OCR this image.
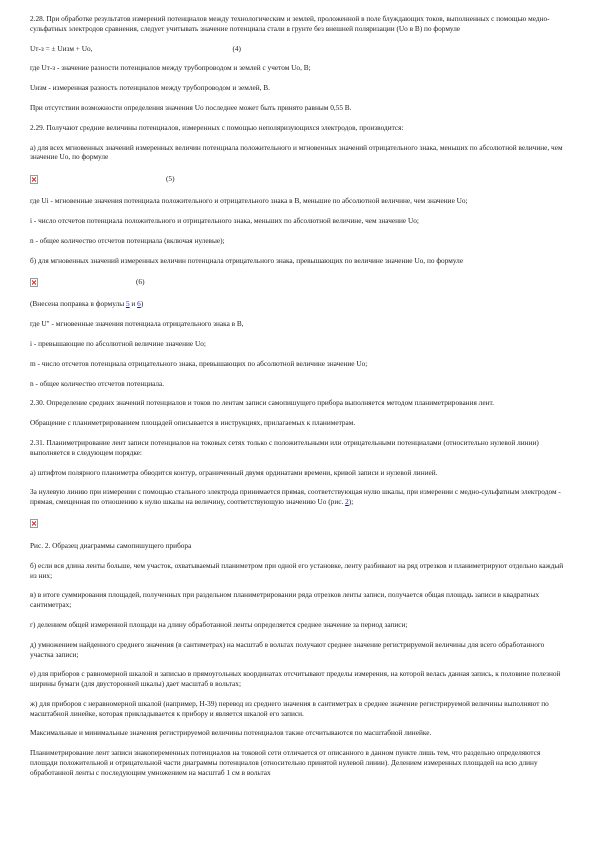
2.28. При обработке результатов измерений потенциалов между технологическим и землей, проложенной в поле блуждающих токов, выполненных с помощью медно-сульфатных электродов сравнения, следует учитывать значение потенциала стали в грунте без внешней поляризации (Uo в В) по формуле

Uт-з = ± Uизм + Uo,	(4)

где Uт-з - значение разности потенциалов между трубопроводом и землей с учетом Uo, В;

Uизм - измеренная разность потенциалов между трубопроводом и землей, В.

При отсутствии возможности определения значения Uo последнее может быть принято равным 0,55 В.

2.29. Получают средние величины потенциалов, измеренных с помощью неполяризующихся электродов, производится:

а) для всех мгновенных значений измеренных величин потенциала положительного и мгновенных значений отрицательного знака, меньших по абсолютной величине, чем значение Uo, по формуле

(5)

где Ui - мгновенные значения потенциала положительного и отрицательного знака в В, меньшие по абсолютной величине, чем значение Uo;

i - число отсчетов потенциала положительного и отрицательного знака, меньших по абсолютной величине, чем значение Uo;

n - общее количество отсчетов потенциала (включая нулевые);

б) для мгновенных значений измеренных величин потенциала отрицательного знака, превышающих по величине значение Uo, по формуле

(6)

(Внесена поправка в формулы 5 и 6)

где U" - мгновенные значения потенциала отрицательного знака в В,

i - превышающие по абсолютной величине значение Uo;

m - число отсчетов потенциала отрицательного знака, превышающих по абсолютной величине значение Uo;

n - общее количество отсчетов потенциала.

2.30. Определение средних значений потенциалов и токов по лентам записи самопишущего прибора выполняется методом планиметрирования лент.

Обращение с планиметрированием площадей описывается в инструкциях, прилагаемых к планиметрам.

2.31. Планиметрирование лент записи потенциалов на токовых сетях только с положительными или отрицательными потенциалами (относительно нулевой линии) выполняется в следующем порядке:

а) штифтом полярного планиметра обводится контур, ограниченный двумя ординатами времени, кривой записи и нулевой линией.

За нулевую линию при измерении с помощью стального электрода принимается прямая, соответствующая нулю шкалы, при измерении с медно-сульфатным электродом - прямая, смещенная по отношению к нулю шкалы на величину, соответствующую значению Uo (рис. 2);

Рис. 2. Образец диаграммы самопишущего прибора

б) если вся длина ленты больше, чем участок, охватываемый планиметром при одной его установке, ленту разбивают на ряд отрезков и планиметрируют отдельно каждый из них;

в) в итоге суммирования площадей, полученных при раздельном планиметрировании ряда отрезков ленты записи, получается общая площадь записи в квадратных сантиметрах;

г) делением общей измеренной площади на длину обработанной ленты определяется среднее значение за период записи;

д) умножением найденного среднего значения (в сантиметрах) на масштаб в вольтах получают среднее значение регистрируемой величины для всего обработанного участка записи;

е) для приборов с равномерной шкалой и записью в прямоугольных координатах отсчитывают пределы измерения, на которой велась данная запись, к половине полезной ширины бумаги (для двусторонней шкалы) дает масштаб в вольтах;

ж) для приборов с неравномерной шкалой (например, Н-39) перевод из среднего значения в сантиметрах в среднее значение регистрируемой величины выполняют по масштабной линейке, которая прикладывается к прибору и является шкалой его записи.

Максимальные и минимальные значения регистрируемой величины потенциалов также отсчитываются по масштабной линейке.

Планиметрирование лент записи знакопеременных потенциалов на токовой сети отличается от описанного в данном пункте лишь тем, что раздельно определяются площади положительной и отрицательной части диаграммы потенциалов (относительно принятой нулевой линии). Делением измеренных площадей на всю длину обработанной ленты с последующим умножением на масштаб 1 см в вольтах
